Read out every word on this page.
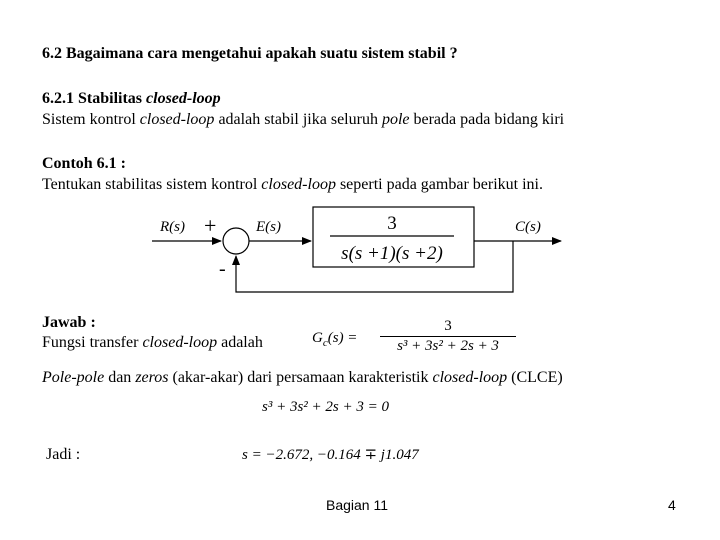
6.2 Bagaimana cara mengetahui apakah suatu sistem stabil ?
6.2.1 Stabilitas closed-loop
Sistem kontrol closed-loop adalah stabil jika seluruh pole berada pada bidang kiri
Contoh 6.1 :
Tentukan stabilitas sistem kontrol closed-loop seperti pada gambar berikut ini.
R(s) +
-
E(s)	3
s(s +1)(s +2)
C(s)
Jawab :
Fungsi transfer closed-loop adalah	$G_c(s) = \frac{3}{\text{s³ + 3s² + 2s + 3}}$
Pole-pole dan zeros (akar-akar) dari persamaan karakteristik closed-loop (CLCE)
s³ + 3s² + 2s + 3 = 0
Jadi :	s = −2.672, −0.164 ∓ j1.047
Bagian 11	4
